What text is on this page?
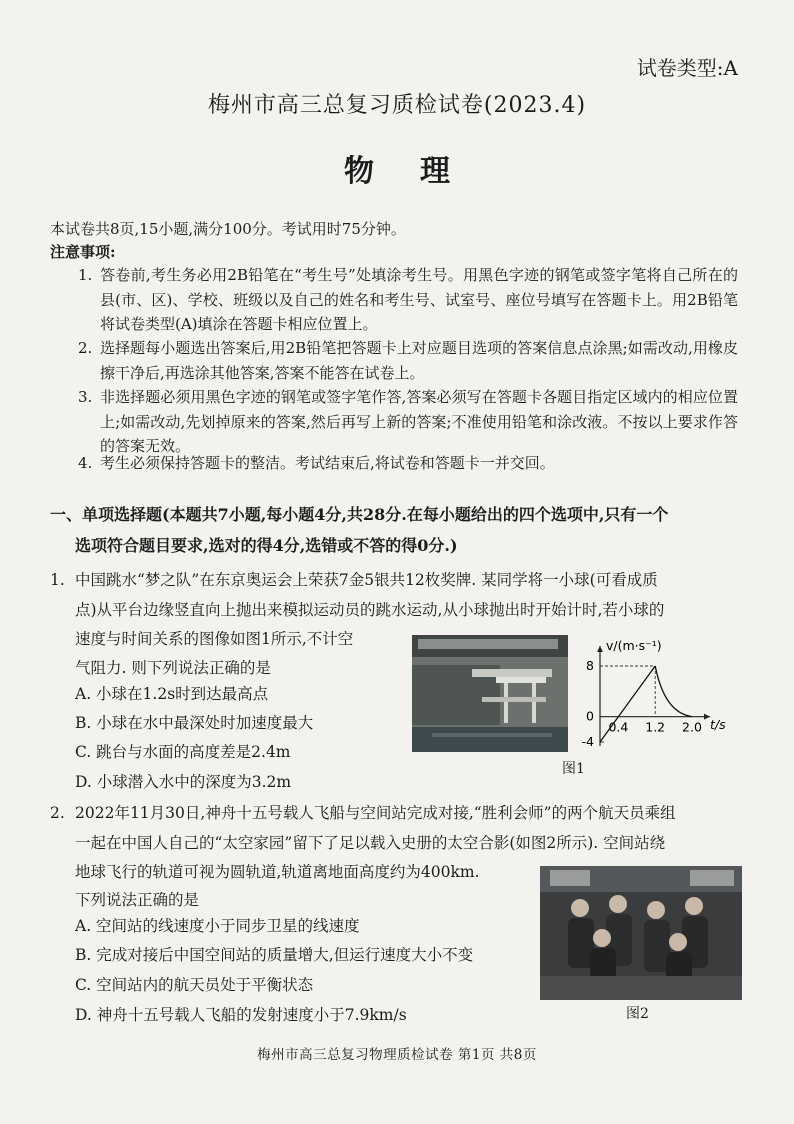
试卷类型:A
梅州市高三总复习质检试卷(2023.4)
物理
本试卷共8页,15小题,满分100分。考试用时75分钟。
注意事项:
1. 答卷前,考生务必用2B铅笔在“考生号”处填涂考生号。用黑色字迹的钢笔或签字笔将自己所在的县(市、区)、学校、班级以及自己的姓名和考生号、试室号、座位号填写在答题卡上。用2B铅笔将试卷类型(A)填涂在答题卡相应位置上。
2. 选择题每小题选出答案后,用2B铅笔把答题卡上对应题目选项的答案信息点涂黑;如需改动,用橡皮擦干净后,再选涂其他答案,答案不能答在试卷上。
3. 非选择题必须用黑色字迹的钢笔或签字笔作答,答案必须写在答题卡各题目指定区域内的相应位置上;如需改动,先划掉原来的答案,然后再写上新的答案;不准使用铅笔和涂改液。不按以上要求作答的答案无效。
4. 考生必须保持答题卡的整洁。考试结束后,将试卷和答题卡一并交回。
一、单项选择题(本题共7小题,每小题4分,共28分.在每小题给出的四个选项中,只有一个
选项符合题目要求,选对的得4分,选错或不答的得0分.)
1. 中国跳水“梦之队”在东京奥运会上荣获7金5银共12枚奖牌. 某同学将一小球(可看成质
点)从平台边缘竖直向上抛出来模拟运动员的跳水运动,从小球抛出时开始计时,若小球的
速度与时间关系的图像如图1所示,不计空
气阻力. 则下列说法正确的是
A. 小球在1.2s时到达最高点
B. 小球在水中最深处时加速度最大
C. 跳台与水面的高度差是2.4m
D. 小球潜入水中的深度为3.2m
v/(m·s⁻¹)
t/s
8
0
-4
0.4 1.2 2.0
图1
2. 2022年11月30日,神舟十五号载人飞船与空间站完成对接,“胜利会师”的两个航天员乘组
一起在中国人自己的“太空家园”留下了足以载入史册的太空合影(如图2所示). 空间站绕
地球飞行的轨道可视为圆轨道,轨道离地面高度约为400km.
下列说法正确的是
A. 空间站的线速度小于同步卫星的线速度
B. 完成对接后中国空间站的质量增大,但运行速度大小不变
C. 空间站内的航天员处于平衡状态
D. 神舟十五号载人飞船的发射速度小于7.9km/s	图2
梅州市高三总复习物理质检试卷 第1页 共8页
